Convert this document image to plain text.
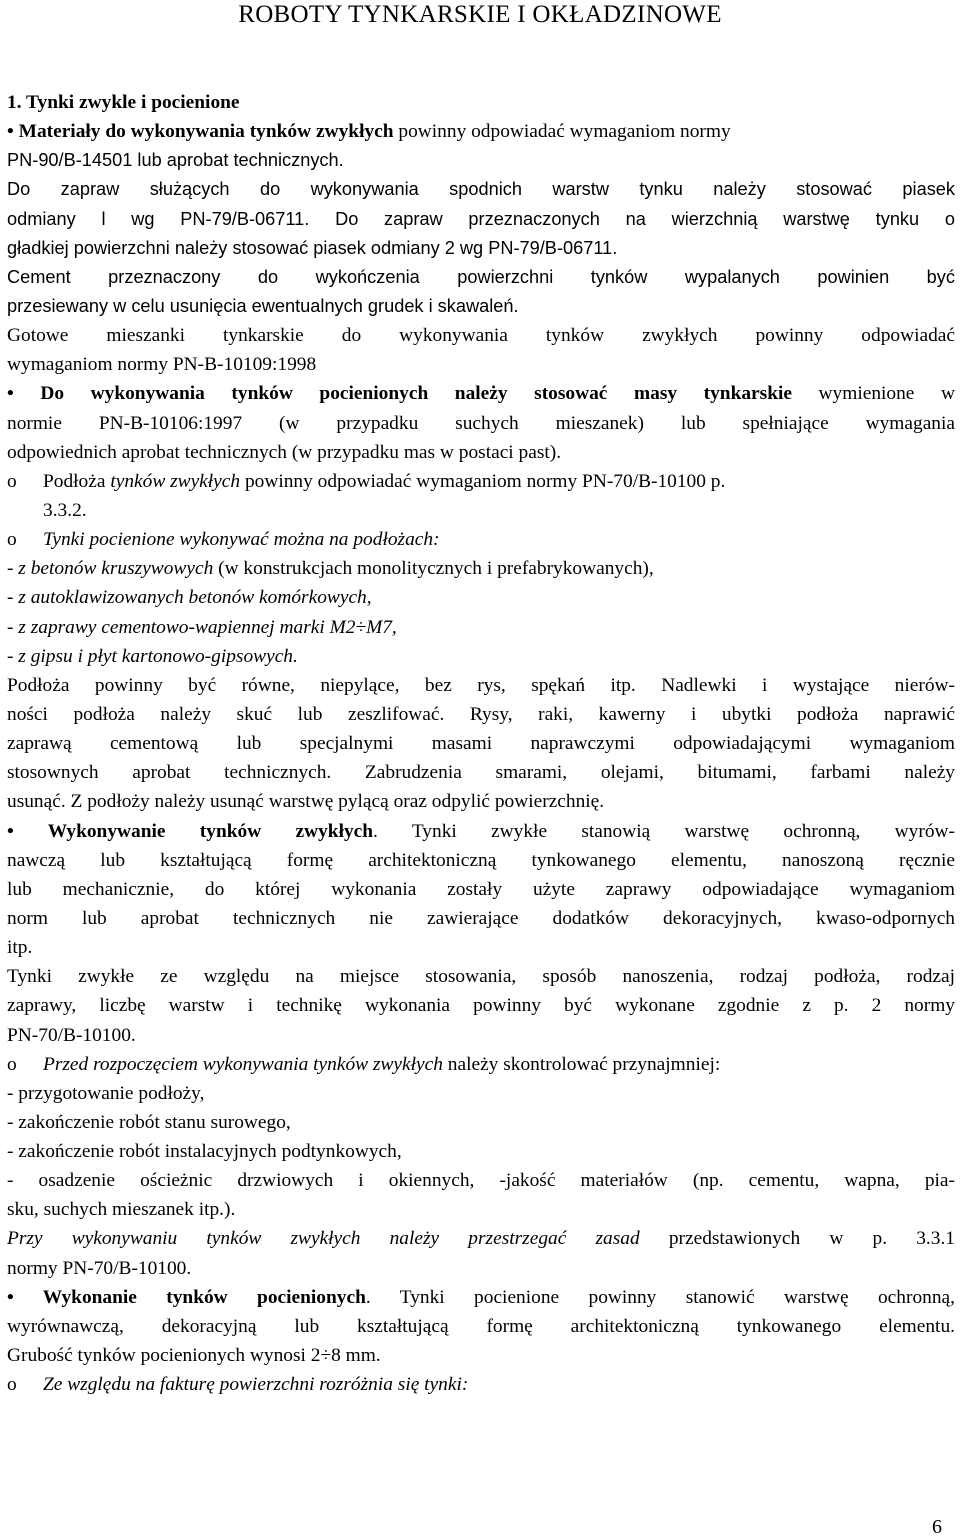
ROBOTY TYNKARSKIE I OKŁADZINOWE
1. Tynki zwykle i pocienione
• Materiały do wykonywania tynków zwykłych powinny odpowiadać wymaganiom normy
PN-90/B-14501 lub aprobat technicznych.
Do zapraw służących do wykonywania spodnich warstw tynku należy stosować piasek
odmiany l wg PN-79/B-06711. Do zapraw przeznaczonych na wierzchnią warstwę tynku o
gładkiej powierzchni należy stosować piasek odmiany 2 wg PN-79/B-06711.
Cement przeznaczony do wykończenia powierzchni tynków wypalanych powinien być
przesiewany w celu usunięcia ewentualnych grudek i skawaleń.
Gotowe mieszanki tynkarskie do wykonywania tynków zwykłych powinny odpowiadać
wymaganiom normy PN-B-10109:1998
• Do wykonywania tynków pocienionych należy stosować masy tynkarskie wymienione w
normie PN-B-10106:1997 (w przypadku suchych mieszanek) lub spełniające wymagania
odpowiednich aprobat technicznych (w przypadku mas w postaci past).
o Podłoża tynków zwykłych powinny odpowiadać wymaganiom normy PN-70/B-10100 p.
3.3.2.
o Tynki pocienione wykonywać można na podłożach:
- z betonów kruszywowych (w konstrukcjach monolitycznych i prefabrykowanych),
- z autoklawizowanych betonów komórkowych,
- z zaprawy cementowo-wapiennej marki M2÷M7,
- z gipsu i płyt kartonowo-gipsowych.
Podłoża powinny być równe, niepylące, bez rys, spękań itp. Nadlewki i wystające nierów-
ności podłoża należy skuć lub zeszlifować. Rysy, raki, kawerny i ubytki podłoża naprawić
zaprawą cementową lub specjalnymi masami naprawczymi odpowiadającymi wymaganiom
stosownych aprobat technicznych. Zabrudzenia smarami, olejami, bitumami, farbami należy
usunąć. Z podłoży należy usunąć warstwę pylącą oraz odpylić powierzchnię.
• Wykonywanie tynków zwykłych. Tynki zwykłe stanowią warstwę ochronną, wyrów-
nawczą lub kształtującą formę architektoniczną tynkowanego elementu, nanoszoną ręcznie
lub mechanicznie, do której wykonania zostały użyte zaprawy odpowiadające wymaganiom
norm lub aprobat technicznych nie zawierające dodatków dekoracyjnych, kwaso-odpornych
itp.
Tynki zwykłe ze względu na miejsce stosowania, sposób nanoszenia, rodzaj podłoża, rodzaj
zaprawy, liczbę warstw i technikę wykonania powinny być wykonane zgodnie z p. 2 normy
PN-70/B-10100.
o Przed rozpoczęciem wykonywania tynków zwykłych należy skontrolować przynajmniej:
- przygotowanie podłoży,
- zakończenie robót stanu surowego,
- zakończenie robót instalacyjnych podtynkowych,
- osadzenie ościeżnic drzwiowych i okiennych, -jakość materiałów (np. cementu, wapna, pia-
sku, suchych mieszanek itp.).
Przy wykonywaniu tynków zwykłych należy przestrzegać zasad przedstawionych w p. 3.3.1
normy PN-70/B-10100.
• Wykonanie tynków pocienionych. Tynki pocienione powinny stanowić warstwę ochronną,
wyrównawczą, dekoracyjną lub kształtującą formę architektoniczną tynkowanego elementu.
Grubość tynków pocienionych wynosi 2÷8 mm.
o Ze względu na fakturę powierzchni rozróżnia się tynki:
6
